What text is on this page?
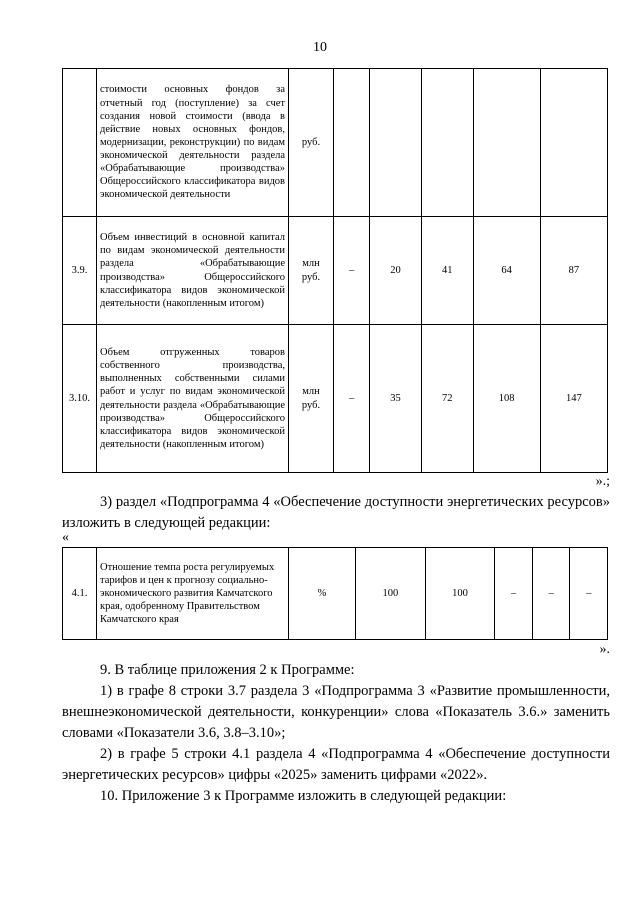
10
	стоимости основных фондов за отчетный год (поступление) за счет создания новой стоимости (ввода в действие новых основных фондов, модернизации, реконструкции) по видам экономической деятельности раздела «Обрабатывающие производства» Общероссийского классификатора видов экономической деятельности	руб.					
3.9.	Объем инвестиций в основной капитал по видам экономической деятельности раздела «Обрабатывающие производства» Общероссийского классификатора видов экономической деятельности (накопленным итогом)	млн руб.	–	20	41	64	87
3.10.	Объем отгруженных товаров собственного производства, выполненных собственными силами работ и услуг по видам экономической деятельности раздела «Обрабатывающие производства» Общероссийского классификатора видов экономической деятельности (накопленным итогом)	млн руб.	–	35	72	108	147
».;
3) раздел «Подпрограмма 4 «Обеспечение доступности энергетических ресурсов» изложить в следующей редакции:
«
4.1.	Отношение темпа роста регулируемых тарифов и цен к прогнозу социально-экономического развития Камчатского края, одобренному Правительством Камчатского края	%	100	100	–	–	–
».
9. В таблице приложения 2 к Программе:
1) в графе 8 строки 3.7 раздела 3 «Подпрограмма 3 «Развитие промышленности, внешнеэкономической деятельности, конкуренции» слова «Показатель 3.6.» заменить словами «Показатели 3.6, 3.8–3.10»;
2) в графе 5 строки 4.1 раздела 4 «Подпрограмма 4 «Обеспечение доступности энергетических ресурсов» цифры «2025» заменить цифрами «2022».
10. Приложение 3 к Программе изложить в следующей редакции:
